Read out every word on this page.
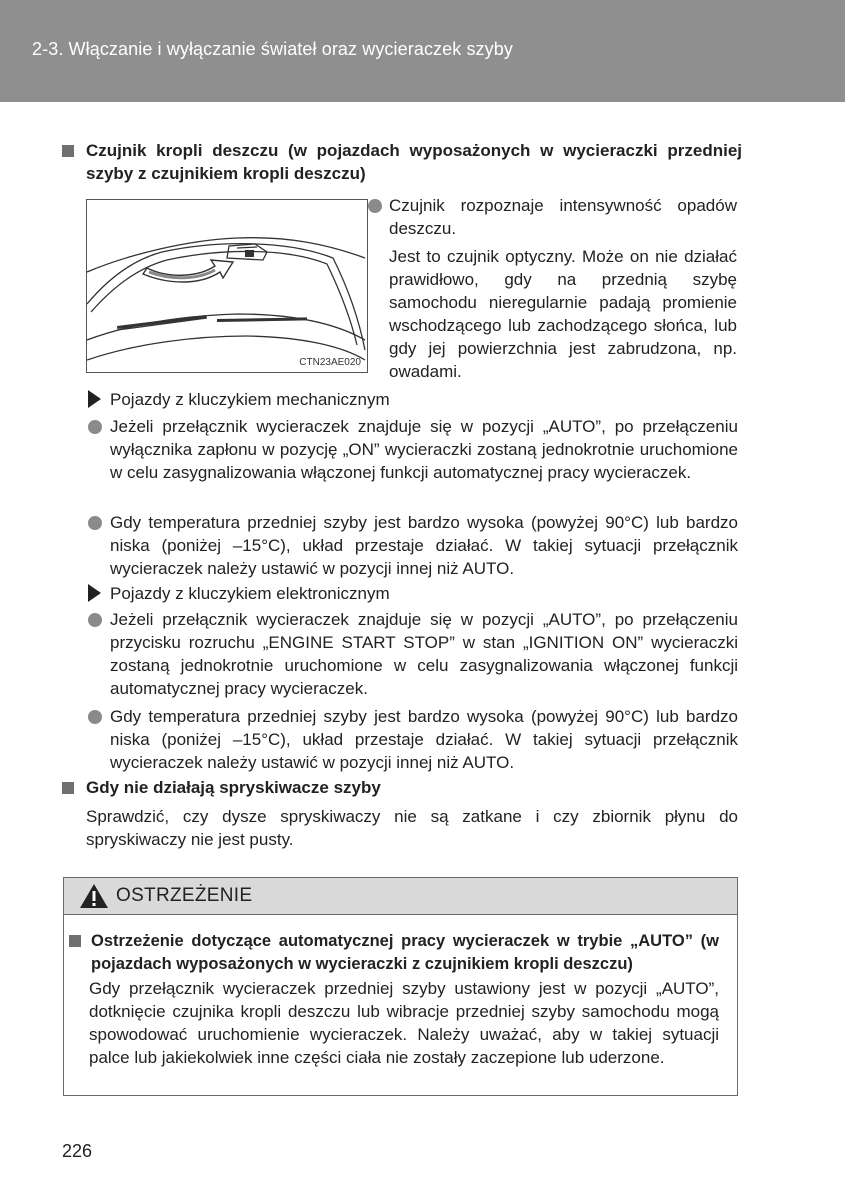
2-3. Włączanie i wyłączanie świateł oraz wycieraczek szyby
Czujnik kropli deszczu (w pojazdach wyposażonych w wycieraczki przedniej szyby z czujnikiem kropli deszczu)
CTN23AE020
Czujnik rozpoznaje intensywność opadów deszczu.
Jest to czujnik optyczny. Może on nie działać prawidłowo, gdy na przednią szybę samochodu nieregularnie padają promienie wschodzącego lub zachodzącego słońca, lub gdy jej powierzchnia jest zabrudzona, np. owadami.
Pojazdy z kluczykiem mechanicznym
Jeżeli przełącznik wycieraczek znajduje się w pozycji „AUTO”, po przełączeniu wyłącznika zapłonu w pozycję „ON” wycieraczki zostaną jednokrotnie uruchomione w celu zasygnalizowania włączonej funkcji automatycznej pracy wycieraczek.
Gdy temperatura przedniej szyby jest bardzo wysoka (powyżej 90°C) lub bardzo niska (poniżej –15°C), układ przestaje działać. W takiej sytuacji przełącznik wycieraczek należy ustawić w pozycji innej niż AUTO.
Pojazdy z kluczykiem elektronicznym
Jeżeli przełącznik wycieraczek znajduje się w pozycji „AUTO”, po przełączeniu przycisku rozruchu „ENGINE START STOP” w stan „IGNITION ON” wycieraczki zostaną jednokrotnie uruchomione w celu zasygnalizowania włączonej funkcji automatycznej pracy wycieraczek.
Gdy temperatura przedniej szyby jest bardzo wysoka (powyżej 90°C) lub bardzo niska (poniżej –15°C), układ przestaje działać. W takiej sytuacji przełącznik wycieraczek należy ustawić w pozycji innej niż AUTO.
Gdy nie działają spryskiwacze szyby
Sprawdzić, czy dysze spryskiwaczy nie są zatkane i czy zbiornik płynu do spryskiwaczy nie jest pusty.
OSTRZEŻENIE
Ostrzeżenie dotyczące automatycznej pracy wycieraczek w trybie „AUTO” (w pojazdach wyposażonych w wycieraczki z czujnikiem kropli deszczu)
Gdy przełącznik wycieraczek przedniej szyby ustawiony jest w pozycji „AUTO”, dotknięcie czujnika kropli deszczu lub wibracje przedniej szyby samochodu mogą spowodować uruchomienie wycieraczek. Należy uważać, aby w takiej sytuacji palce lub jakiekolwiek inne części ciała nie zostały zaczepione lub uderzone.
226
